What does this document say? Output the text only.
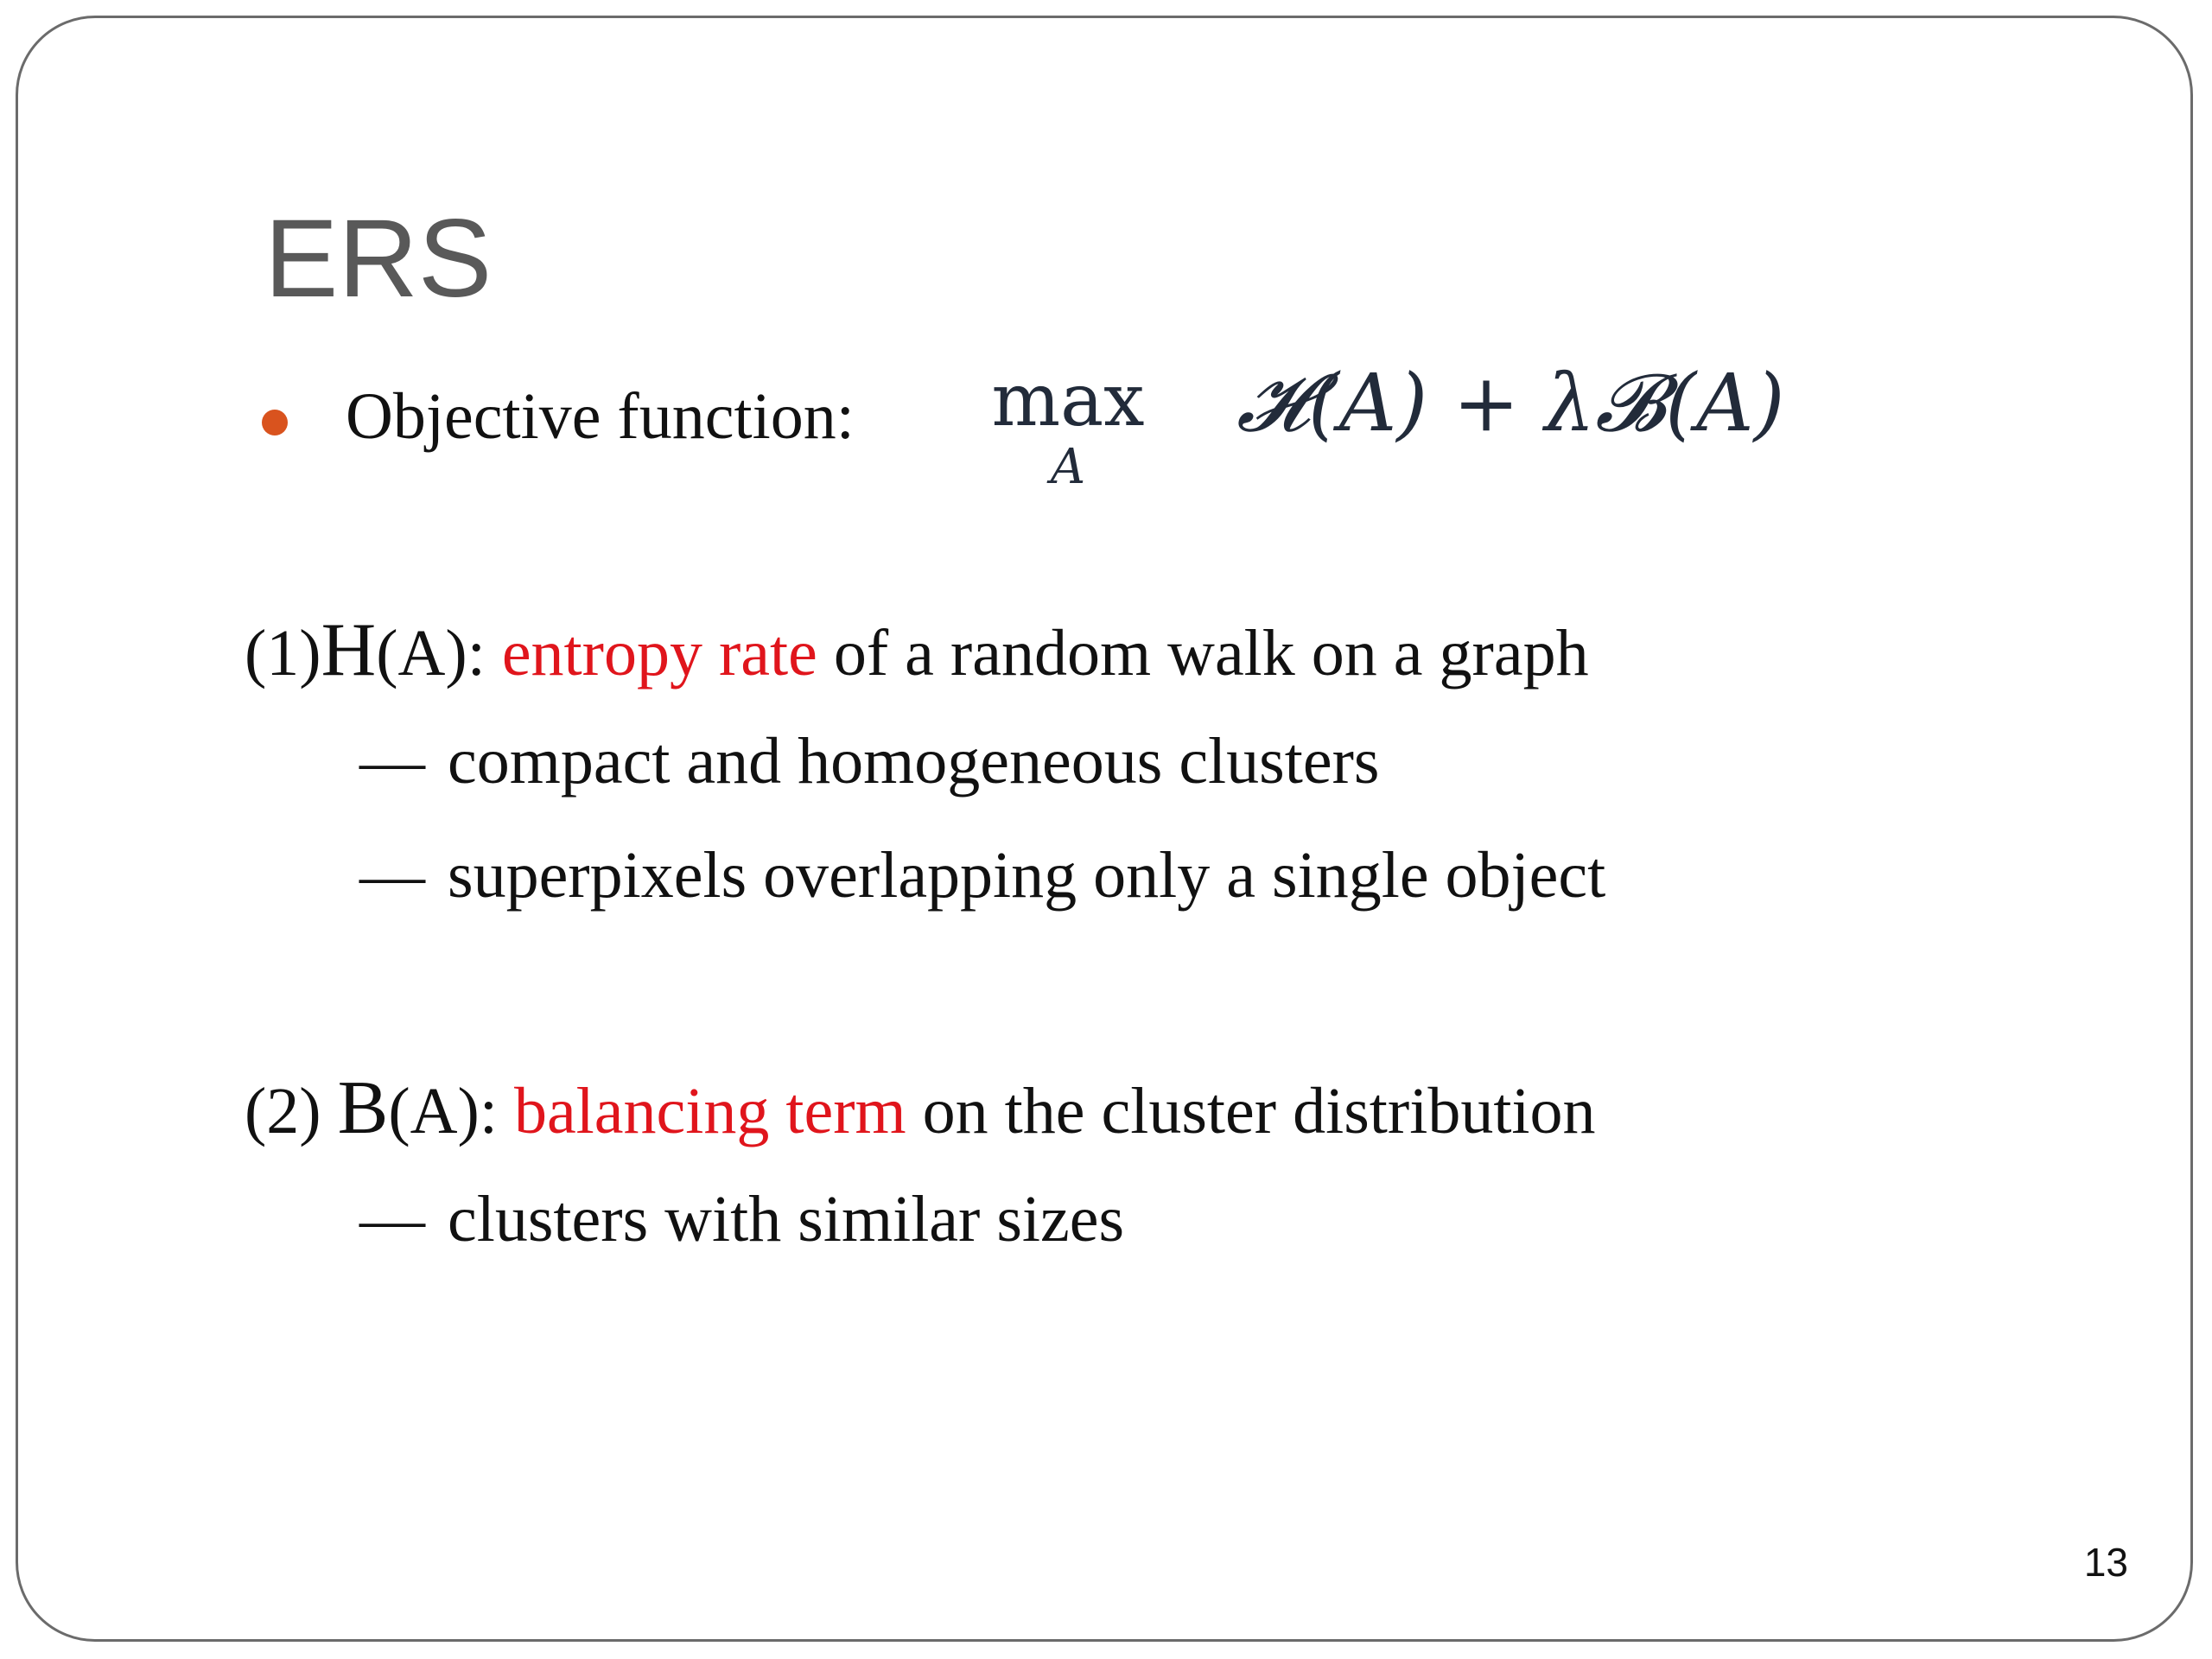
ERS
Objective function: max
A
𝓗(A) + λ𝓑(A)
(1)H(A): entropy rate of a random walk on a graph
— compact and homogeneous clusters
— superpixels overlapping only a single object
(2) B(A): balancing term on the cluster distribution
— clusters with similar sizes
13
